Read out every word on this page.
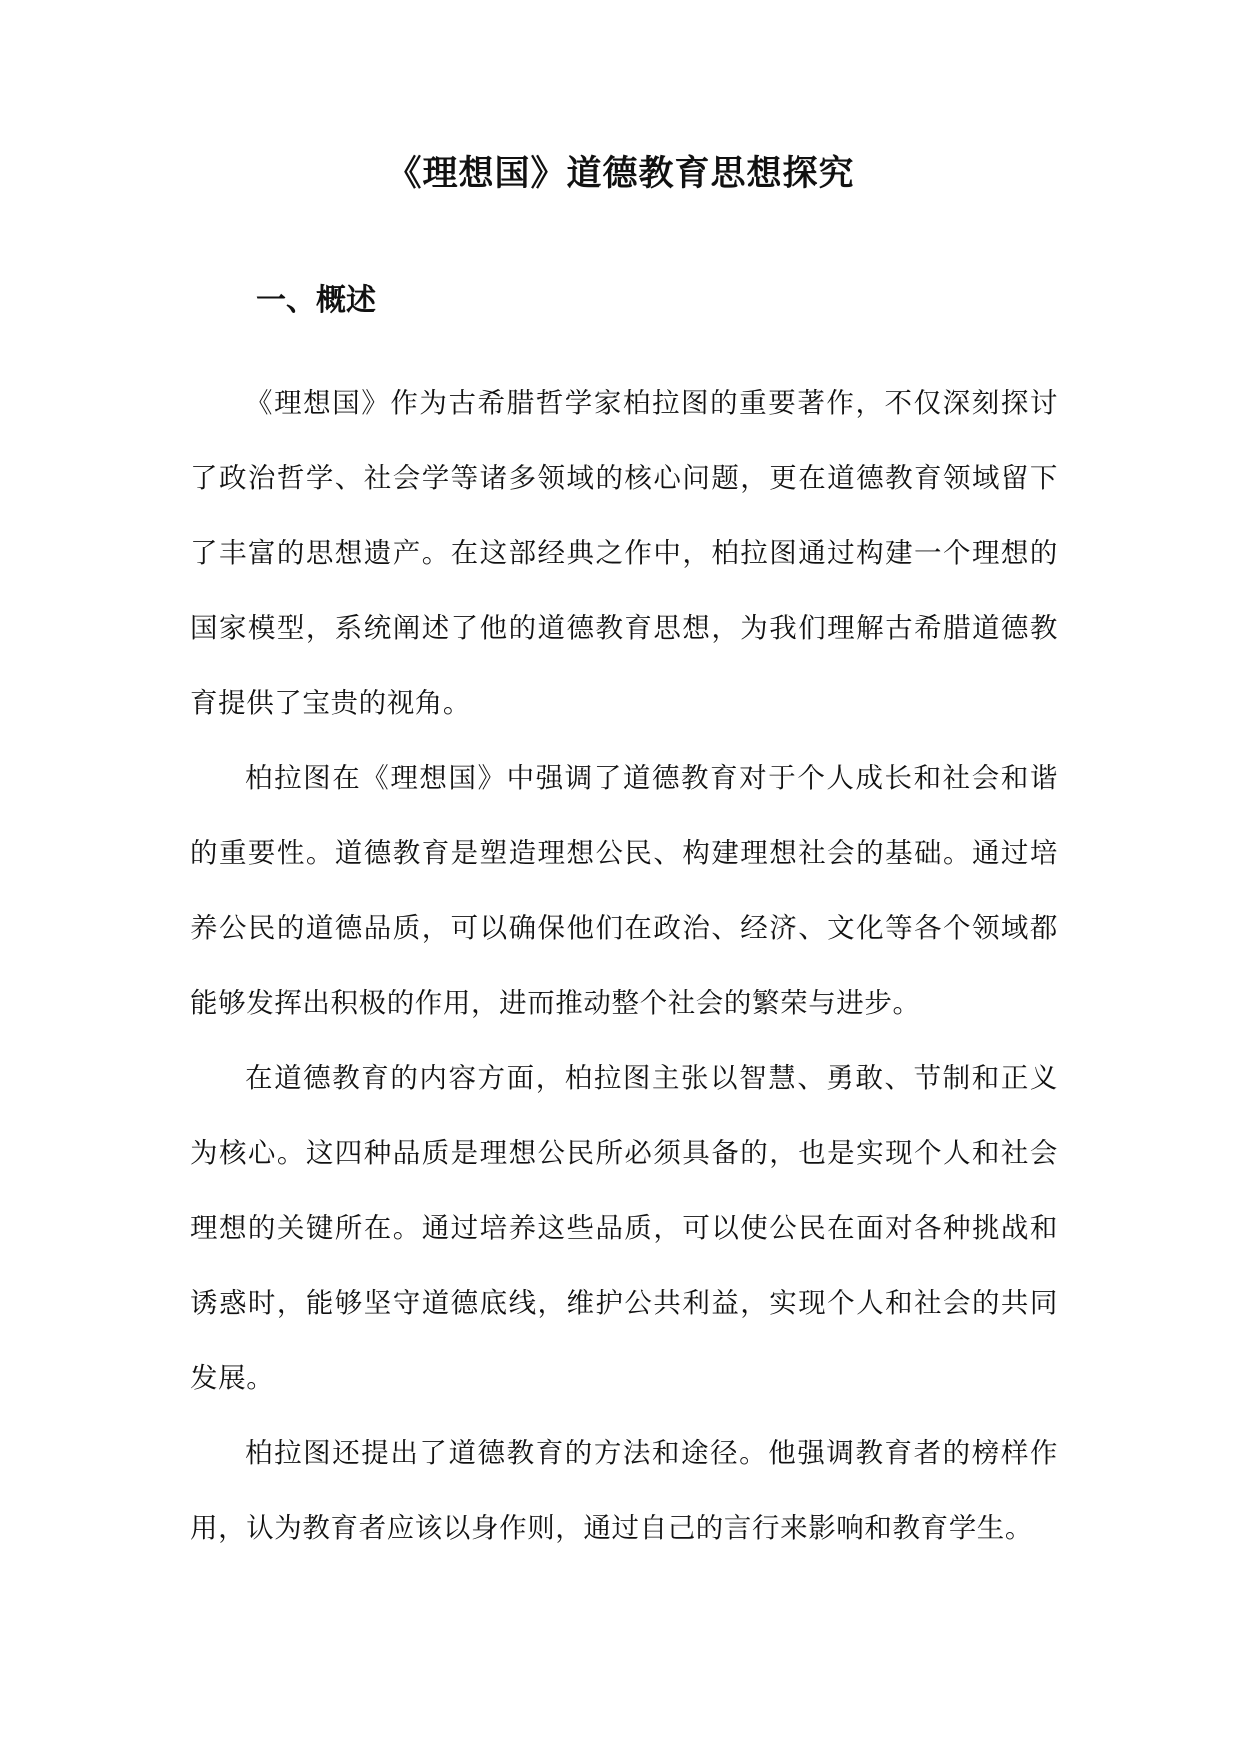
《理想国》道德教育思想探究
一、概述

《理想国》作为古希腊哲学家柏拉图的重要著作，不仅深刻探讨了政治哲学、社会学等诸多领域的核心问题，更在道德教育领域留下了丰富的思想遗产。在这部经典之作中，柏拉图通过构建一个理想的国家模型，系统阐述了他的道德教育思想，为我们理解古希腊道德教育提供了宝贵的视角。

柏拉图在《理想国》中强调了道德教育对于个人成长和社会和谐的重要性。道德教育是塑造理想公民、构建理想社会的基础。通过培养公民的道德品质，可以确保他们在政治、经济、文化等各个领域都能够发挥出积极的作用，进而推动整个社会的繁荣与进步。

在道德教育的内容方面，柏拉图主张以智慧、勇敢、节制和正义为核心。这四种品质是理想公民所必须具备的，也是实现个人和社会理想的关键所在。通过培养这些品质，可以使公民在面对各种挑战和诱惑时，能够坚守道德底线，维护公共利益，实现个人和社会的共同发展。

柏拉图还提出了道德教育的方法和途径。他强调教育者的榜样作用，认为教育者应该以身作则，通过自己的言行来影响和教育学生。
